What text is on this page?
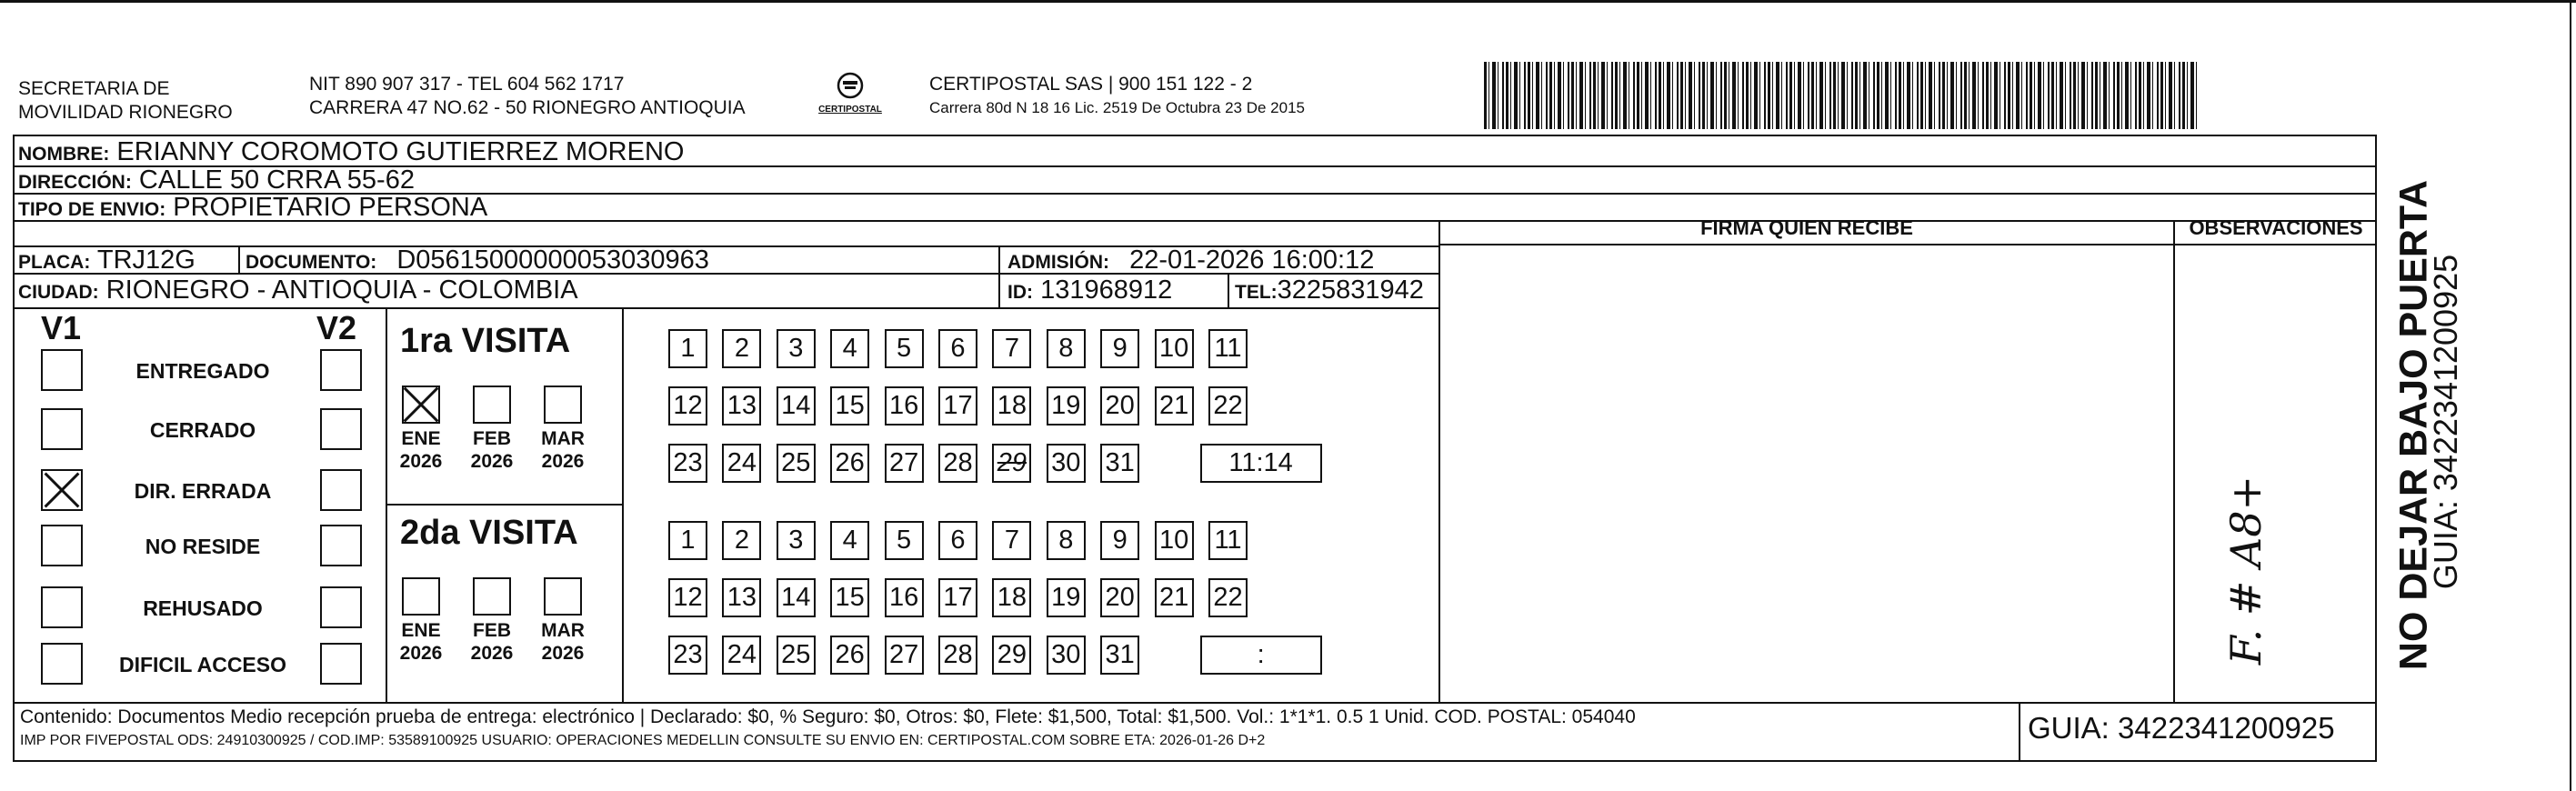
SECRETARIA DE
MOVILIDAD RIONEGRO
NIT 890 907 317 - TEL 604 562 1717
CARRERA 47 NO.62 - 50 RIONEGRO ANTIOQUIA	CERTIPOSTAL
CERTIPOSTAL SAS | 900 151 122 - 2
Carrera 80d N 18 16 Lic. 2519 De Octubra 23 De 2015
NOMBRE: ERIANNY COROMOTO GUTIERREZ MORENO
DIRECCIÓN: CALLE 50 CRRA 55-62
TIPO DE ENVIO: PROPIETARIO PERSONA
FIRMA QUIEN RECIBE	OBSERVACIONES
PLACA: TRJ12G	DOCUMENTO: D05615000000053030963	ADMISIÓN: 22-01-2026 16:00:12
CIUDAD: RIONEGRO - ANTIOQUIA - COLOMBIA	ID: 131968912	TEL:3225831942
V1	V2
ENTREGADO
CERRADO
DIR. ERRADA
NO RESIDE
REHUSADO
DIFICIL ACCESO
1ra VISITA
2da VISITA
ENE
2026
FEB
2026
MAR
2026
1	2	3	4	5	6	7	8	9	10 11
12 13 14 15 16 17 18 19 20 21 22
23 24 25 26 27 28 29 30 31	11:14
ENE
2026
FEB
2026
MAR
2026
1	2	3	4	5	6	7	8	9	10 11
12 13 14 15 16 17 18 19 20 21 22
23 24 25 26 27 28 29 30 31	:	F. # A8+	NO DEJAR BAJO PUERTA
GUIA: 3422341200925
Contenido: Documentos Medio recepción prueba de entrega: electrónico | Declarado: $0, % Seguro: $0, Otros: $0, Flete: $1,500, Total: $1,500. Vol.: 1*1*1. 0.5 1 Unid. COD. POSTAL: 054040
IMP POR FIVEPOSTAL ODS: 24910300925 / COD.IMP: 53589100925 USUARIO: OPERACIONES MEDELLIN CONSULTE SU ENVIO EN: CERTIPOSTAL.COM SOBRE ETA: 2026-01-26 D+2	GUIA: 3422341200925
